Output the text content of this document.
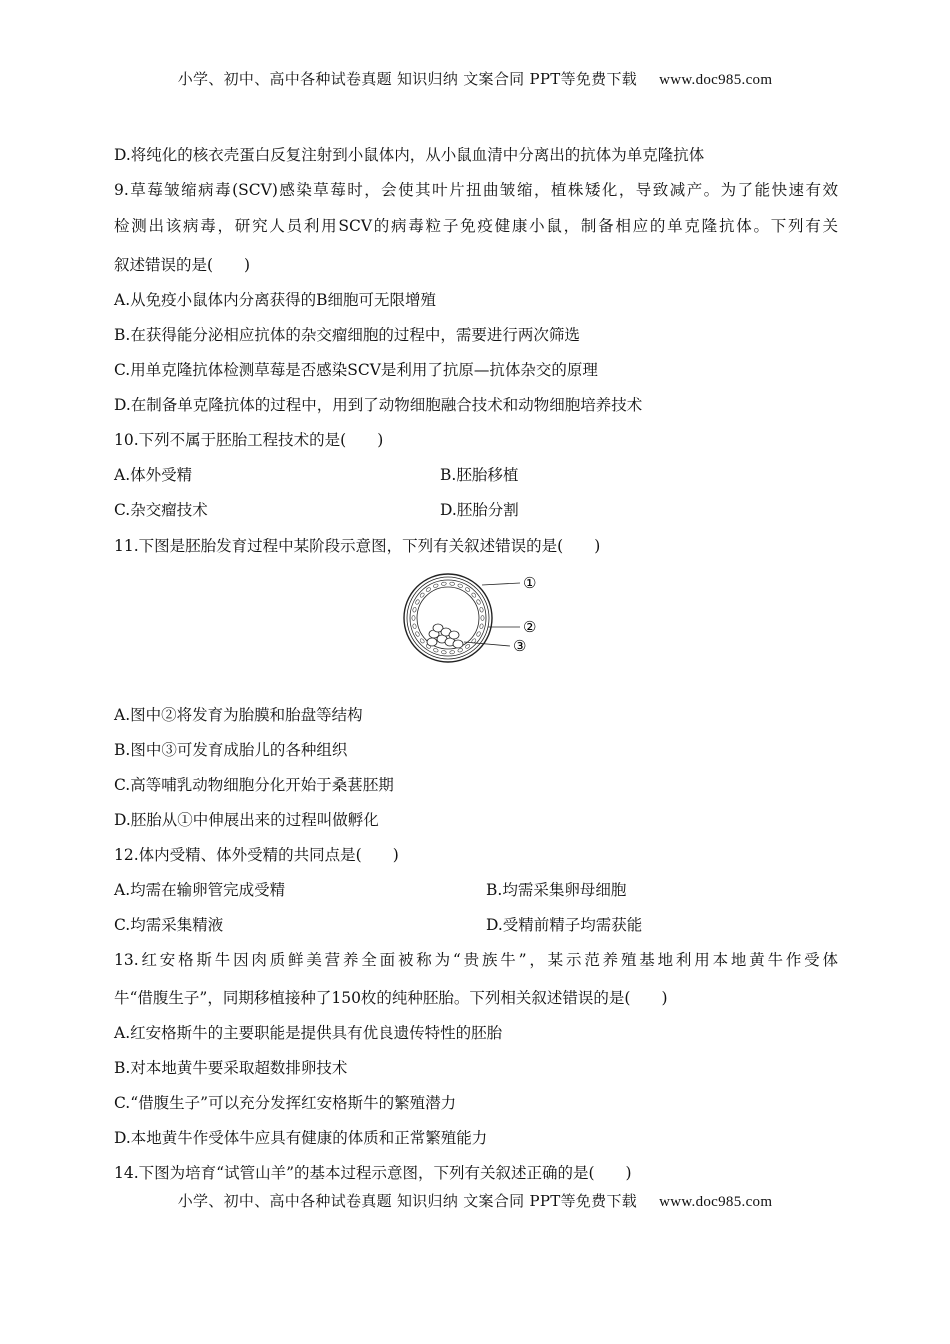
小学、初中、高中各种试卷真题 知识归纳 文案合同 PPT等免费下载 www.doc985.com
D.将纯化的核衣壳蛋白反复注射到小鼠体内，从小鼠血清中分离出的抗体为单克隆抗体
9.草莓皱缩病毒(SCV)感染草莓时，会使其叶片扭曲皱缩，植株矮化，导致减产。为了能快速有效
检测出该病毒，研究人员利用SCV的病毒粒子免疫健康小鼠，制备相应的单克隆抗体。下列有关
叙述错误的是(　　)
A.从免疫小鼠体内分离获得的B细胞可无限增殖
B.在获得能分泌相应抗体的杂交瘤细胞的过程中，需要进行两次筛选
C.用单克隆抗体检测草莓是否感染SCV是利用了抗原—抗体杂交的原理
D.在制备单克隆抗体的过程中，用到了动物细胞融合技术和动物细胞培养技术
10.下列不属于胚胎工程技术的是(　　)
A.体外受精	B.胚胎移植
C.杂交瘤技术	D.胚胎分割
11.下图是胚胎发育过程中某阶段示意图，下列有关叙述错误的是(　　)
A.图中②将发育为胎膜和胎盘等结构
B.图中③可发育成胎儿的各种组织
C.高等哺乳动物细胞分化开始于桑葚胚期
D.胚胎从①中伸展出来的过程叫做孵化
12.体内受精、体外受精的共同点是(　　)
A.均需在输卵管完成受精	B.均需采集卵母细胞
C.均需采集精液	D.受精前精子均需获能
13.红安格斯牛因肉质鲜美营养全面被称为“贵族牛”，某示范养殖基地利用本地黄牛作受体
牛“借腹生子”，同期移植接种了150枚的纯种胚胎。下列相关叙述错误的是(　　)
A.红安格斯牛的主要职能是提供具有优良遗传特性的胚胎
B.对本地黄牛要采取超数排卵技术
C.“借腹生子”可以充分发挥红安格斯牛的繁殖潜力
D.本地黄牛作受体牛应具有健康的体质和正常繁殖能力
14.下图为培育“试管山羊”的基本过程示意图，下列有关叙述正确的是(　　)
①
②
③
小学、初中、高中各种试卷真题 知识归纳 文案合同 PPT等免费下载 www.doc985.com
